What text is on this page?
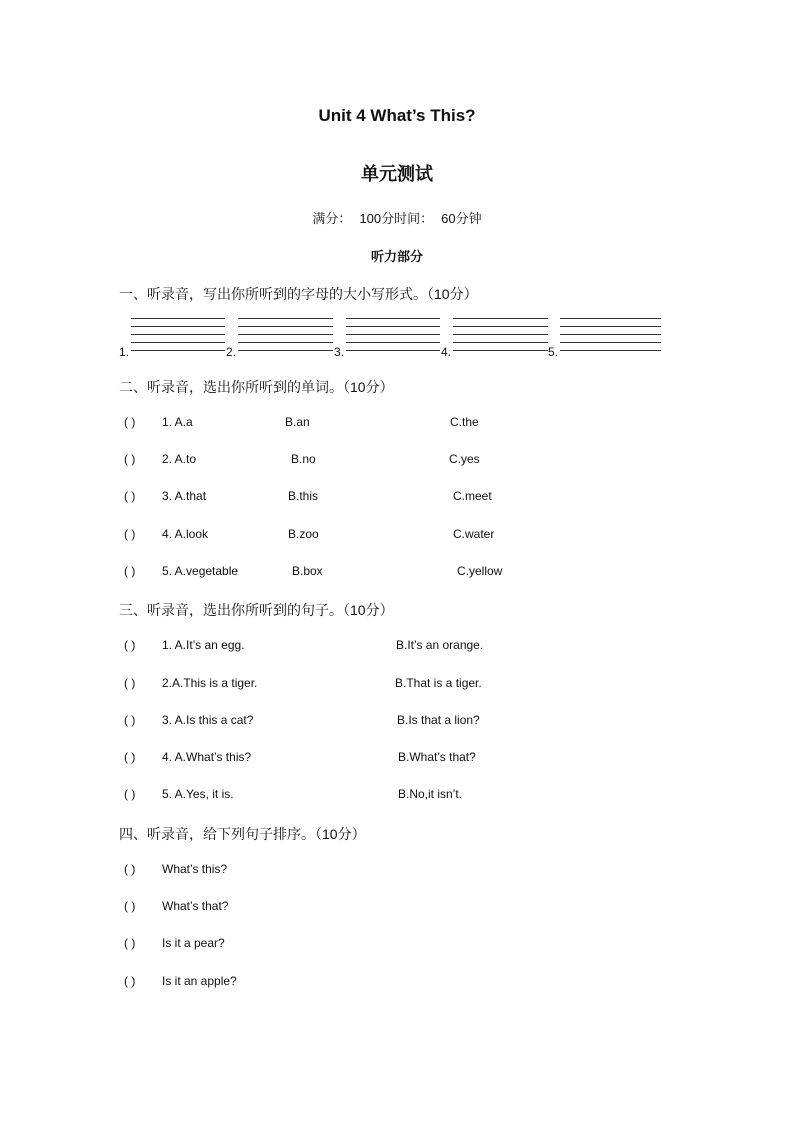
Unit 4 What’s This?
单元测试
满分： 100分时间： 60分钟
听力部分
一、听录音，写出你所听到的字母的大小写形式。（10分）
1.	2.	3.	4.	5.
二、听录音，选出你所听到的单词。（10分）
( ) 1. A.a	B.an	C.the
( ) 2. A.to	B.no	C.yes
( ) 3. A.that	B.this	C.meet
( ) 4. A.look	B.zoo	C.water
( ) 5. A.vegetable	B.box	C.yellow
三、听录音，选出你所听到的句子。（10分）
( ) 1. A.It’s an egg.	B.It’s an orange.
( ) 2.A.This is a tiger.	B.That is a tiger.
( ) 3. A.Is this a cat?	B.Is that a lion?
( ) 4. A.What’s this?	B.What’s that?
( ) 5. A.Yes, it is.	B.No,it isn’t.
四、听录音，给下列句子排序。（10分）
( ) What’s this?
( ) What’s that?
( ) Is it a pear?
( ) Is it an apple?
